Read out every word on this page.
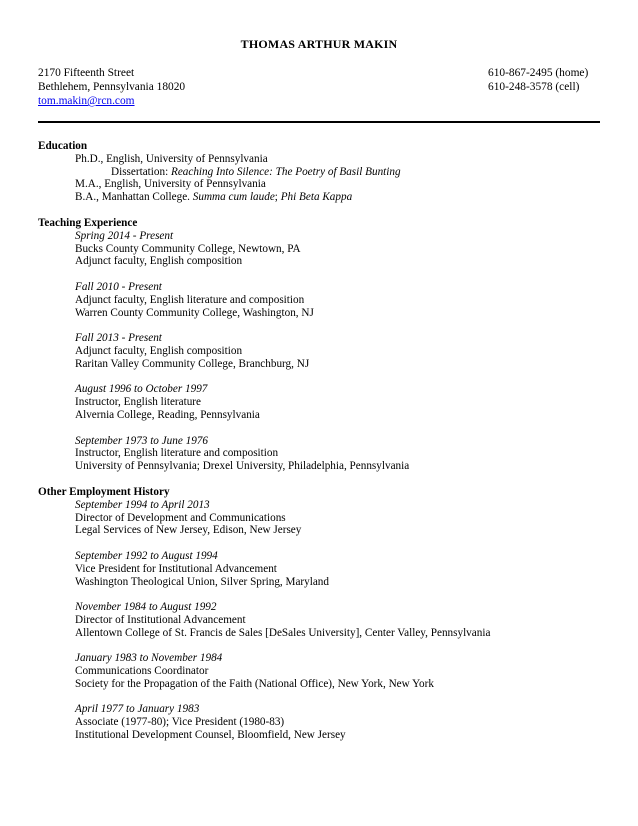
THOMAS ARTHUR MAKIN
2170 Fifteenth Street
Bethlehem, Pennsylvania 18020
tom.makin@rcn.com
610-867-2495 (home)
610-248-3578 (cell)
Education
Ph.D., English, University of Pennsylvania
Dissertation: Reaching Into Silence: The Poetry of Basil Bunting
M.A., English, University of Pennsylvania
B.A., Manhattan College. Summa cum laude; Phi Beta Kappa
Teaching Experience
Spring 2014 - Present
Bucks County Community College, Newtown, PA
Adjunct faculty, English composition
Fall 2010 - Present
Adjunct faculty, English literature and composition
Warren County Community College, Washington, NJ
Fall 2013 - Present
Adjunct faculty, English composition
Raritan Valley Community College, Branchburg, NJ
August 1996 to October 1997
Instructor, English literature
Alvernia College, Reading, Pennsylvania
September 1973 to June 1976
Instructor, English literature and composition
University of Pennsylvania; Drexel University, Philadelphia, Pennsylvania
Other Employment History
September 1994 to April 2013
Director of Development and Communications
Legal Services of New Jersey, Edison, New Jersey
September 1992 to August 1994
Vice President for Institutional Advancement
Washington Theological Union, Silver Spring, Maryland
November 1984 to August 1992
Director of Institutional Advancement
Allentown College of St. Francis de Sales [DeSales University], Center Valley, Pennsylvania
January 1983 to November 1984
Communications Coordinator
Society for the Propagation of the Faith (National Office), New York, New York
April 1977 to January 1983
Associate (1977-80); Vice President (1980-83)
Institutional Development Counsel, Bloomfield, New Jersey
